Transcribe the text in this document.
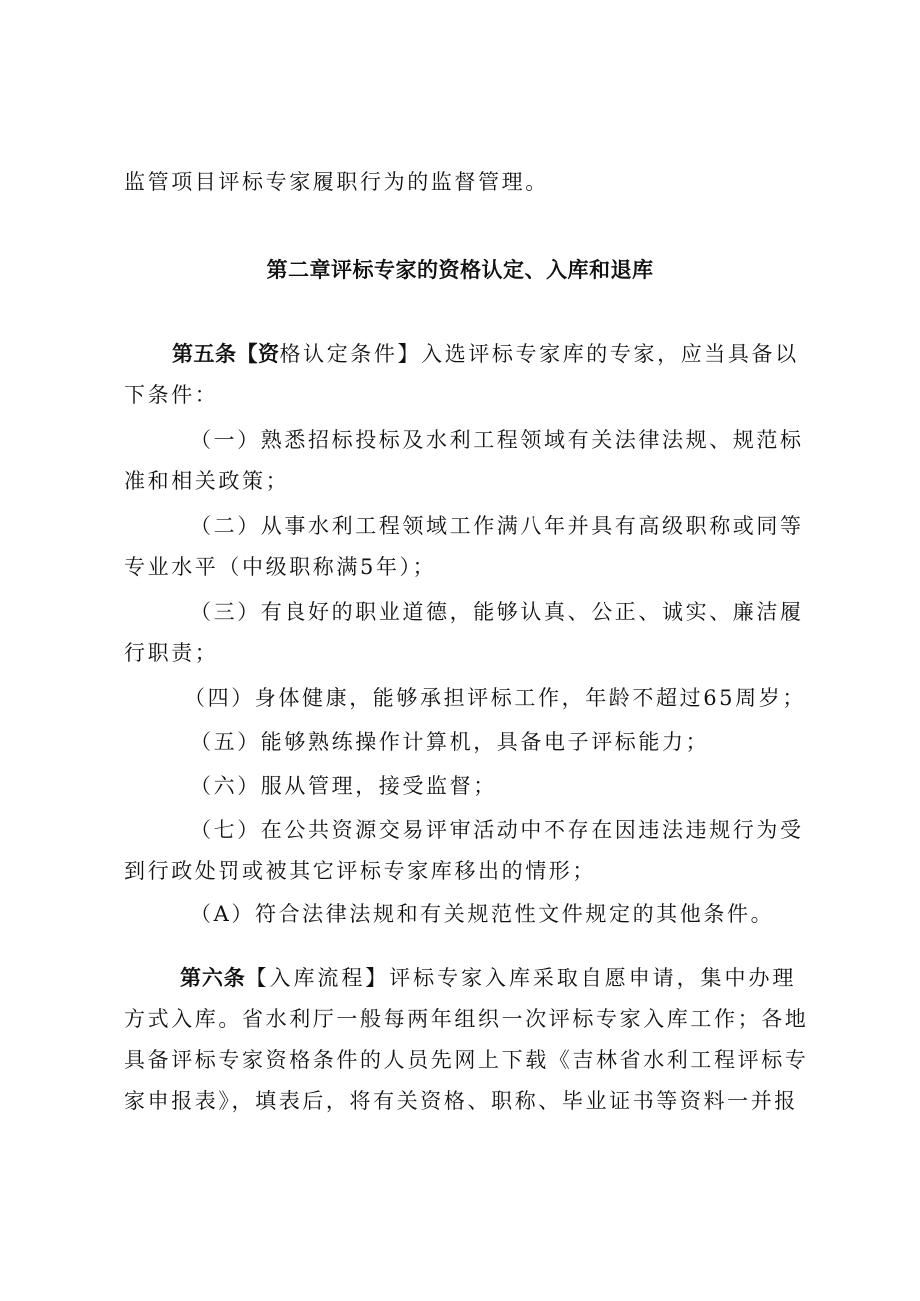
监管项目评标专家履职行为的监督管理。
第二章评标专家的资格认定、入库和退库
第五条【资格认定条件】入选评标专家库的专家，应当具备以
下条件：
（一）熟悉招标投标及水利工程领域有关法律法规、规范标
准和相关政策；
（二）从事水利工程领域工作满八年并具有高级职称或同等
专业水平（中级职称满5年）；
（三）有良好的职业道德，能够认真、公正、诚实、廉洁履
行职责；
（四）身体健康，能够承担评标工作，年龄不超过65周岁；
（五）能够熟练操作计算机，具备电子评标能力；
（六）服从管理，接受监督；
（七）在公共资源交易评审活动中不存在因违法违规行为受
到行政处罚或被其它评标专家库移出的情形；
（A）符合法律法规和有关规范性文件规定的其他条件。
第六条【入库流程】评标专家入库采取自愿申请，集中办理
方式入库。省水利厅一般每两年组织一次评标专家入库工作；各地
具备评标专家资格条件的人员先网上下载《吉林省水利工程评标专
家申报表》，填表后，将有关资格、职称、毕业证书等资料一并报
